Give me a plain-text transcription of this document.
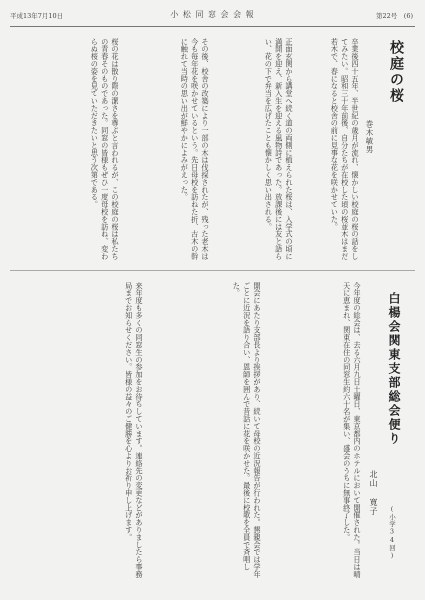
平成13年7月10日	小 松 同 窓 会 会 報	第22号　(6)
校庭の桜
巻木敏男
卒業後四十五年、半世紀の歳月が流れ、懐かしい校庭の桜の話をしてみたい。昭和三十年前後、自分たちが在校した頃の桜並木はまだ若木で、春になると校舎の前に見事な花を咲かせていた。
正面玄関から講堂へ続く道の両側に植えられた桜は、入学式の頃に満開を迎え、新入生を迎える風物詩であった。放課後には友と語らい、花の下で弁当を広げたことも懐かしく思い出される。
その後、校舎の改築により一部の木は伐採されたが、残った老木は今も毎年花を咲かせているという。先日母校を訪ねた折、古木の幹に触れて当時の思い出が鮮やかによみがえった。
桜の花は散り際の潔さを尊ぶと言われるが、この校庭の桜は私たちの青春そのものであった。同窓の皆様もぜひ一度母校を訪ね、変わらぬ桜の姿を見ていただきたいと思う次第である。
白楊会関東支部総会便り
(小学34回)
北山 寛子
今年度の総会は、去る六月九日土曜日、東京都内のホテルにおいて開催された。当日は晴天に恵まれ、関東在住の同窓生約六十名が集い、盛会のうちに無事終了した。
開会にあたり支部長より挨拶があり、続いて母校の近況報告が行われた。懇親会では学年ごとに近況を語り合い、恩師を囲んで昔話に花を咲かせた。最後に校歌を全員で斉唱した。
来年度も多くの同窓生の参加をお待ちしています。連絡先の変更などがありましたら事務局までお知らせください。皆様の益々のご健勝を心よりお祈り申し上げます。
